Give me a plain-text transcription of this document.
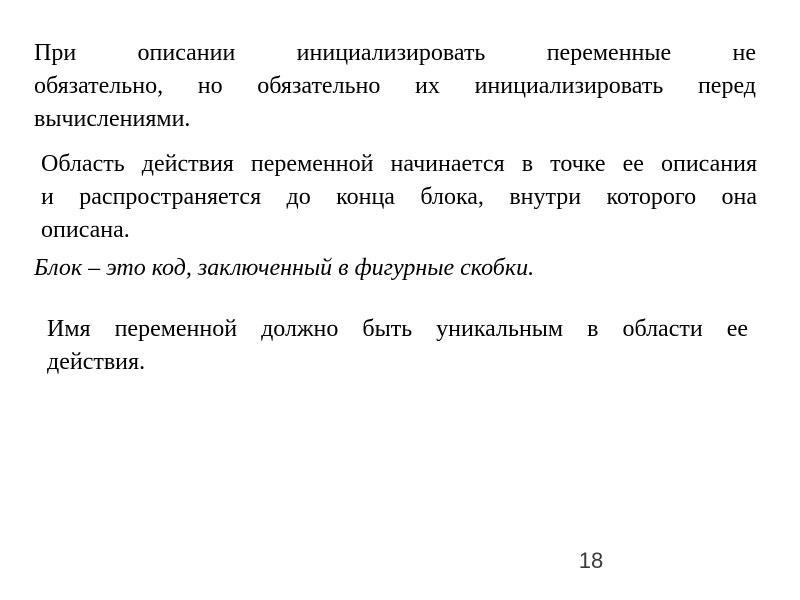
При описании инициализировать переменные не
обязательно, но обязательно их инициализировать перед
вычислениями.
Область действия переменной начинается в точке ее описания
и распространяется до конца блока, внутри которого она
описана.
Блок – это код, заключенный в фигурные скобки.
Имя переменной должно быть уникальным в области ее
действия.
18
